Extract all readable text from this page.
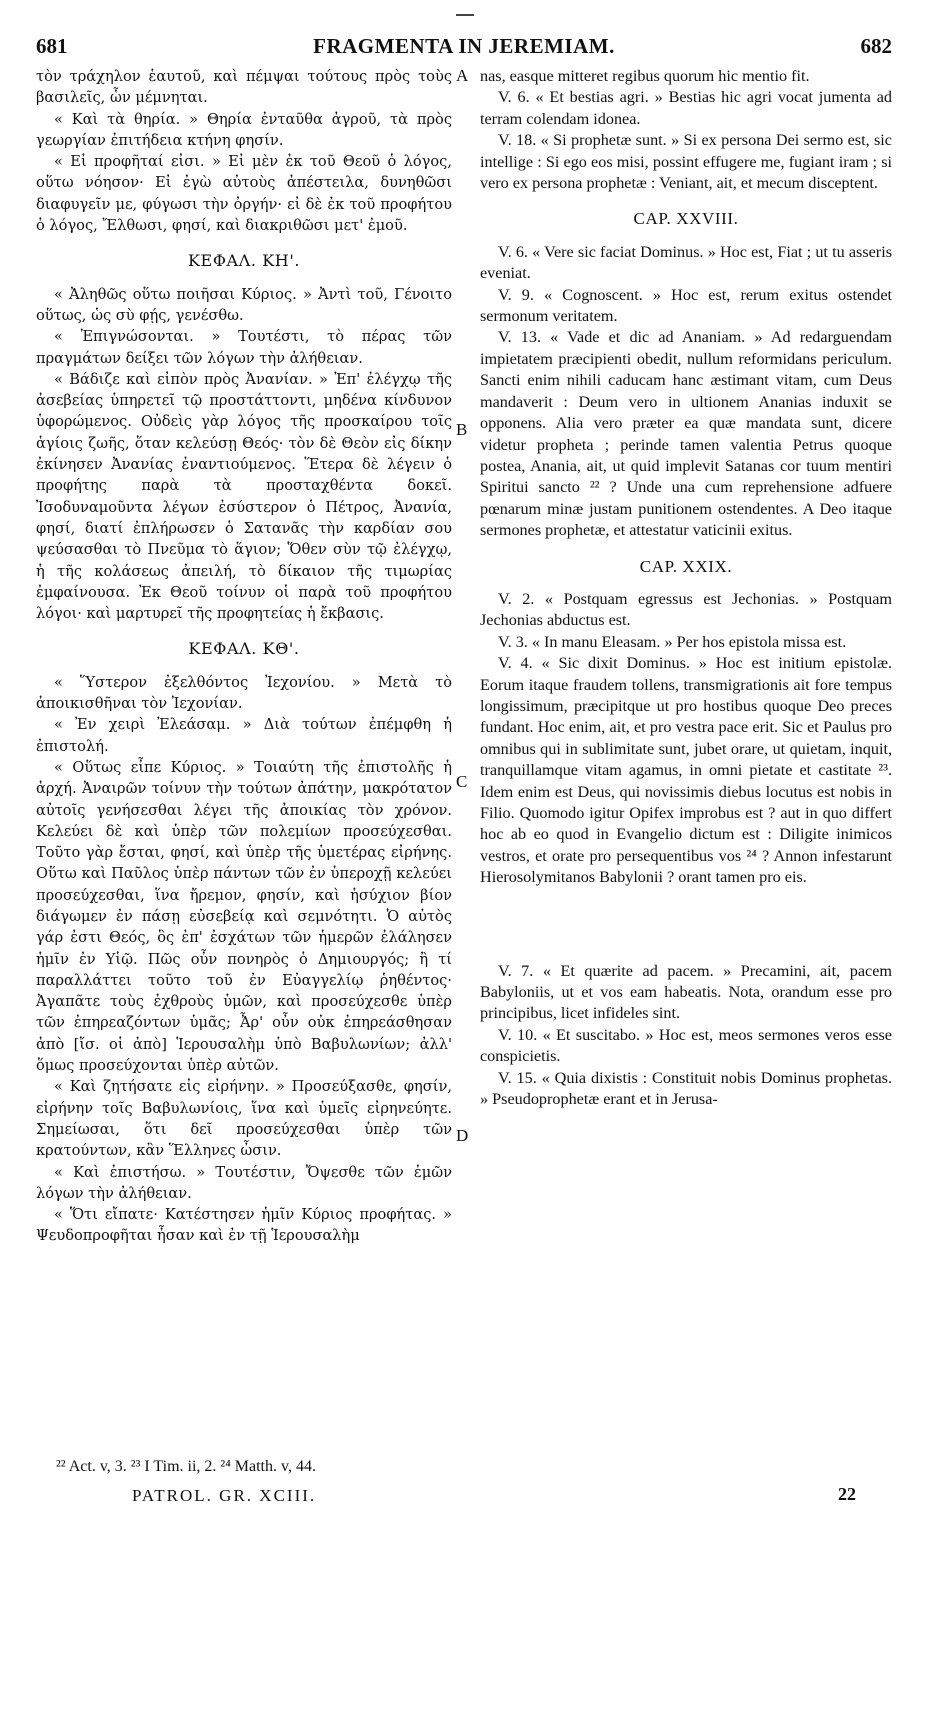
681	FRAGMENTA IN JEREMIAM.	682

τὸν τράχηλον ἑαυτοῦ, καὶ πέμψαι τούτους πρὸς τοὺς βασιλεῖς, ὧν μέμνηται.

« Καὶ τὰ θηρία. » Θηρία ἐνταῦθα ἀγροῦ, τὰ πρὸς γεωργίαν ἐπιτήδεια κτήνη φησίν.

« Εἰ προφῆταί εἰσι. » Εἰ μὲν ἐκ τοῦ Θεοῦ ὁ λόγος, οὕτω νόησον· Εἰ ἐγὼ αὐτοὺς ἀπέστειλα, δυνηθῶσι διαφυγεῖν με, φύγωσι τὴν ὀργήν· εἰ δὲ ἐκ τοῦ προφήτου ὁ λόγος, Ἔλθωσι, φησί, καὶ διακριθῶσι μετ' ἐμοῦ.

ΚΕΦΑΛ. ΚΗ'.

« Ἀληθῶς οὕτω ποιῆσαι Κύριος. » Ἀντὶ τοῦ, Γένοιτο οὕτως, ὡς σὺ φῄς, γενέσθω.

« Ἐπιγνώσονται. » Τουτέστι, τὸ πέρας τῶν πραγμάτων δείξει τῶν λόγων τὴν ἀλήθειαν.

« Βάδιζε καὶ εἰπὸν πρὸς Ἀνανίαν. » Ἐπ' ἐλέγχῳ τῆς ἀσεβείας ὑπηρετεῖ τῷ προστάττοντι, μηδένα κίνδυνον ὑφορώμενος. Οὐδεὶς γὰρ λόγος τῆς προσκαίρου τοῖς ἁγίοις ζωῆς, ὅταν κελεύσῃ Θεός· τὸν δὲ Θεὸν εἰς δίκην ἐκίνησεν Ἀνανίας ἐναντιούμενος. Ἕτερα δὲ λέγειν ὁ προφήτης παρὰ τὰ προσταχθέντα δοκεῖ. Ἰσοδυναμοῦντα λέγων ἐσύστερον ὁ Πέτρος, Ἀνανία, φησί, διατί ἐπλήρωσεν ὁ Σατανᾶς τὴν καρδίαν σου ψεύσασθαι τὸ Πνεῦμα τὸ ἅγιον; Ὅθεν σὺν τῷ ἐλέγχῳ, ἡ τῆς κολάσεως ἀπειλή, τὸ δίκαιον τῆς τιμωρίας ἐμφαίνουσα. Ἐκ Θεοῦ τοίνυν οἱ παρὰ τοῦ προφήτου λόγοι· καὶ μαρτυρεῖ τῆς προφητείας ἡ ἔκβασις.

ΚΕΦΑΛ. ΚΘ'.

« Ὕστερον ἐξελθόντος Ἰεχονίου. » Μετὰ τὸ ἀποικισθῆναι τὸν Ἰεχονίαν.

« Ἐν χειρὶ Ἐλεάσαμ. » Διὰ τούτων ἐπέμφθη ἡ ἐπιστολή.

« Οὕτως εἶπε Κύριος. » Τοιαύτη τῆς ἐπιστολῆς ἡ ἀρχή. Ἀναιρῶν τοίνυν τὴν τούτων ἀπάτην, μακρότατον αὐτοῖς γενήσεσθαι λέγει τῆς ἀποικίας τὸν χρόνον. Κελεύει δὲ καὶ ὑπὲρ τῶν πολεμίων προσεύχεσθαι. Τοῦτο γὰρ ἔσται, φησί, καὶ ὑπὲρ τῆς ὑμετέρας εἰρήνης. Οὕτω καὶ Παῦλος ὑπὲρ πάντων τῶν ἐν ὑπεροχῇ κελεύει προσεύχεσθαι, ἵνα ἤρεμον, φησίν, καὶ ἡσύχιον βίον διάγωμεν ἐν πάσῃ εὐσεβείᾳ καὶ σεμνότητι. Ὁ αὐτὸς γάρ ἐστι Θεός, ὃς ἐπ' ἐσχάτων τῶν ἡμερῶν ἐλάλησεν ἡμῖν ἐν Υἱῷ. Πῶς οὖν πονηρὸς ὁ Δημιουργός; ἢ τί παραλλάττει τοῦτο τοῦ ἐν Εὐαγγελίῳ ῥηθέντος· Ἀγαπᾶτε τοὺς ἐχθροὺς ὑμῶν, καὶ προσεύχεσθε ὑπὲρ τῶν ἐπηρεαζόντων ὑμᾶς; Ἆρ' οὖν οὐκ ἐπηρεάσθησαν ἀπὸ [ἴσ. οἱ ἀπὸ] Ἱερουσαλὴμ ὑπὸ Βαβυλωνίων; ἀλλ' ὅμως προσεύχονται ὑπὲρ αὐτῶν.

« Καὶ ζητήσατε εἰς εἰρήνην. » Προσεύξασθε, φησίν, εἰρήνην τοῖς Βαβυλωνίοις, ἵνα καὶ ὑμεῖς εἰρηνεύητε. Σημείωσαι, ὅτι δεῖ προσεύχεσθαι ὑπὲρ τῶν κρατούντων, κἂν Ἕλληνες ὦσιν.

« Καὶ ἐπιστήσω. » Τουτέστιν, Ὄψεσθε τῶν ἐμῶν λόγων τὴν ἀλήθειαν.

« Ὅτι εἴπατε· Κατέστησεν ἡμῖν Κύριος προφήτας. » Ψευδοπροφῆται ἦσαν καὶ ἐν τῇ Ἱερουσαλὴμ

nas, easque mitteret regibus quorum hic mentio fit.

V. 6. « Et bestias agri. » Bestias hic agri vocat jumenta ad terram colendam idonea.

V. 18. « Si prophetæ sunt. » Si ex persona Dei sermo est, sic intellige : Si ego eos misi, possint effugere me, fugiant iram ; si vero ex persona prophetæ : Veniant, ait, et mecum disceptent.

CAP. XXVIII.

V. 6. « Vere sic faciat Dominus. » Hoc est, Fiat ; ut tu asseris eveniat.

V. 9. « Cognoscent. » Hoc est, rerum exitus ostendet sermonum veritatem.

V. 13. « Vade et dic ad Ananiam. » Ad redarguendam impietatem præcipienti obedit, nullum reformidans periculum. Sancti enim nihili caducam hanc æstimant vitam, cum Deus mandaverit : Deum vero in ultionem Ananias induxit se opponens. Alia vero præter ea quæ mandata sunt, dicere videtur propheta ; perinde tamen valentia Petrus quoque postea, Anania, ait, ut quid implevit Satanas cor tuum mentiri Spiritui sancto ²² ? Unde una cum reprehensione adfuere pœnarum minæ justam punitionem ostendentes. A Deo itaque sermones prophetæ, et attestatur vaticinii exitus.

CAP. XXIX.

V. 2. « Postquam egressus est Jechonias. » Postquam Jechonias abductus est.

V. 3. « In manu Eleasam. » Per hos epistola missa est.

V. 4. « Sic dixit Dominus. » Hoc est initium epistolæ. Eorum itaque fraudem tollens, transmigrationis ait fore tempus longissimum, præcipitque ut pro hostibus quoque Deo preces fundant. Hoc enim, ait, et pro vestra pace erit. Sic et Paulus pro omnibus qui in sublimitate sunt, jubet orare, ut quietam, inquit, tranquillamque vitam agamus, in omni pietate et castitate ²³. Idem enim est Deus, qui novissimis diebus locutus est nobis in Filio. Quomodo igitur Opifex improbus est ? aut in quo differt hoc ab eo quod in Evangelio dictum est : Diligite inimicos vestros, et orate pro persequentibus vos ²⁴ ? Annon infestarunt Hierosolymitanos Babylonii ? orant tamen pro eis.

V. 7. « Et quærite ad pacem. » Precamini, ait, pacem Babyloniis, ut et vos eam habeatis. Nota, orandum esse pro principibus, licet infideles sint.

V. 10. « Et suscitabo. » Hoc est, meos sermones veros esse conspicietis.

V. 15. « Quia dixistis : Constituit nobis Dominus prophetas. » Pseudoprophetæ erant et in Jerusa-

A
B
C
D
²² Act. v, 3. ²³ I Tim. ii, 2. ²⁴ Matth. v, 44.
PATROL. GR. XCIII.	22
